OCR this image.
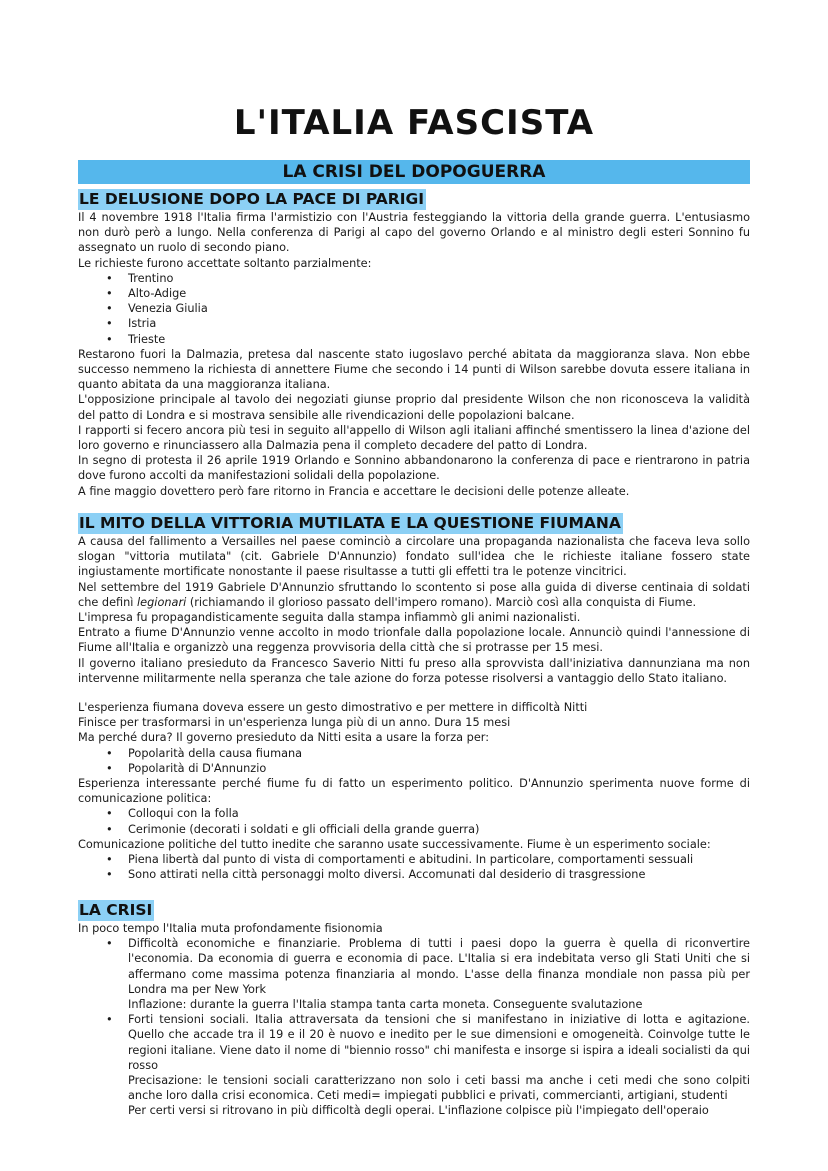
L'ITALIA FASCISTA
LA CRISI DEL DOPOGUERRA
LE DELUSIONE DOPO LA PACE DI PARIGI

Il 4 novembre 1918 l'Italia firma l'armistizio con l'Austria festeggiando la vittoria della grande guerra. L'entusiasmo non durò però a lungo. Nella conferenza di Parigi al capo del governo Orlando e al ministro degli esteri Sonnino fu assegnato un ruolo di secondo piano.

Le richieste furono accettate soltanto parzialmente:

• Trentino
• Alto-Adige
• Venezia Giulia
• Istria
• Trieste

Restarono fuori la Dalmazia, pretesa dal nascente stato iugoslavo perché abitata da maggioranza slava. Non ebbe successo nemmeno la richiesta di annettere Fiume che secondo i 14 punti di Wilson sarebbe dovuta essere italiana in quanto abitata da una maggioranza italiana.

L'opposizione principale al tavolo dei negoziati giunse proprio dal presidente Wilson che non riconosceva la validità del patto di Londra e si mostrava sensibile alle rivendicazioni delle popolazioni balcane.

I rapporti si fecero ancora più tesi in seguito all'appello di Wilson agli italiani affinché smentissero la linea d'azione del loro governo e rinunciassero alla Dalmazia pena il completo decadere del patto di Londra.

In segno di protesta il 26 aprile 1919 Orlando e Sonnino abbandonarono la conferenza di pace e rientrarono in patria dove furono accolti da manifestazioni solidali della popolazione.

A fine maggio dovettero però fare ritorno in Francia e accettare le decisioni delle potenze alleate.

IL MITO DELLA VITTORIA MUTILATA E LA QUESTIONE FIUMANA

A causa del fallimento a Versailles nel paese cominciò a circolare una propaganda nazionalista che faceva leva sollo slogan "vittoria mutilata" (cit. Gabriele D'Annunzio) fondato sull'idea che le richieste italiane fossero state ingiustamente mortificate nonostante il paese risultasse a tutti gli effetti tra le potenze vincitrici.

Nel settembre del 1919 Gabriele D'Annunzio sfruttando lo scontento si pose alla guida di diverse centinaia di soldati che definì legionari (richiamando il glorioso passato dell'impero romano). Marciò così alla conquista di Fiume.

L'impresa fu propagandisticamente seguita dalla stampa infiammò gli animi nazionalisti.

Entrato a fiume D'Annunzio venne accolto in modo trionfale dalla popolazione locale. Annunciò quindi l'annessione di Fiume all'Italia e organizzò una reggenza provvisoria della città che si protrasse per 15 mesi.

Il governo italiano presieduto da Francesco Saverio Nitti fu preso alla sprovvista dall'iniziativa dannunziana ma non intervenne militarmente nella speranza che tale azione do forza potesse risolversi a vantaggio dello Stato italiano.

L'esperienza fiumana doveva essere un gesto dimostrativo e per mettere in difficoltà Nitti

Finisce per trasformarsi in un'esperienza lunga più di un anno. Dura 15 mesi

Ma perché dura? Il governo presieduto da Nitti esita a usare la forza per:

• Popolarità della causa fiumana
• Popolarità di D'Annunzio

Esperienza interessante perché fiume fu di fatto un esperimento politico. D'Annunzio sperimenta nuove forme di comunicazione politica:

• Colloqui con la folla
• Cerimonie (decorati i soldati e gli officiali della grande guerra)

Comunicazione politiche del tutto inedite che saranno usate successivamente. Fiume è un esperimento sociale:

• Piena libertà dal punto di vista di comportamenti e abitudini. In particolare, comportamenti sessuali
• Sono attirati nella città personaggi molto diversi. Accomunati dal desiderio di trasgressione
LA CRISI

In poco tempo l'Italia muta profondamente fisionomia

• Difficoltà economiche e finanziarie. Problema di tutti i paesi dopo la guerra è quella di riconvertire l'economia. Da economia di guerra e economia di pace. L'Italia si era indebitata verso gli Stati Uniti che si affermano come massima potenza finanziaria al mondo. L'asse della finanza mondiale non passa più per Londra ma per New York
Inflazione: durante la guerra l'Italia stampa tanta carta moneta. Conseguente svalutazione
• Forti tensioni sociali. Italia attraversata da tensioni che si manifestano in iniziative di lotta e agitazione. Quello che accade tra il 19 e il 20 è nuovo e inedito per le sue dimensioni e omogeneità. Coinvolge tutte le regioni italiane. Viene dato il nome di "biennio rosso" chi manifesta e insorge si ispira a ideali socialisti da qui rosso
Precisazione: le tensioni sociali caratterizzano non solo i ceti bassi ma anche i ceti medi che sono colpiti anche loro dalla crisi economica. Ceti medi= impiegati pubblici e privati, commercianti, artigiani, studenti
Per certi versi si ritrovano in più difficoltà degli operai. L'inflazione colpisce più l'impiegato dell'operaio
